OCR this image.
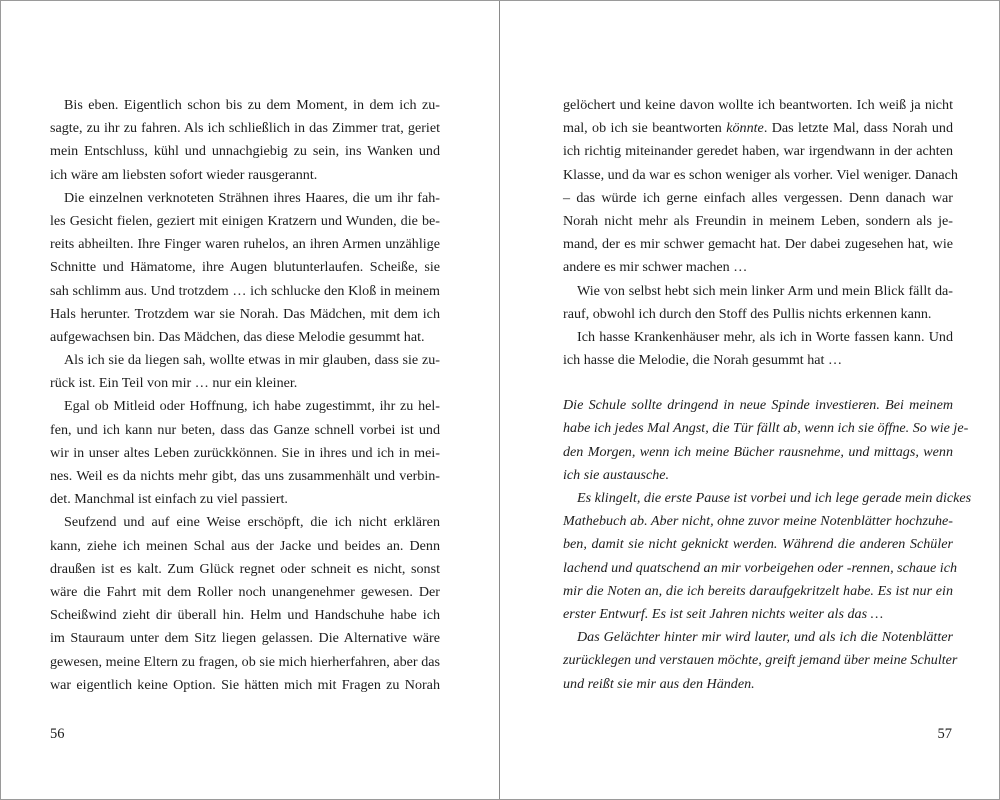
Bis eben. Eigentlich schon bis zu dem Moment, in dem ich zu-
sagte, zu ihr zu fahren. Als ich schließlich in das Zimmer trat, geriet
mein Entschluss, kühl und unnachgiebig zu sein, ins Wanken und
ich wäre am liebsten sofort wieder rausgerannt.
Die einzelnen verknoteten Strähnen ihres Haares, die um ihr fah-
les Gesicht fielen, geziert mit einigen Kratzern und Wunden, die be-
reits abheilten. Ihre Finger waren ruhelos, an ihren Armen unzählige
Schnitte und Hämatome, ihre Augen blutunterlaufen. Scheiße, sie
sah schlimm aus. Und trotzdem … ich schlucke den Kloß in meinem
Hals herunter. Trotzdem war sie Norah. Das Mädchen, mit dem ich
aufgewachsen bin. Das Mädchen, das diese Melodie gesummt hat.
Als ich sie da liegen sah, wollte etwas in mir glauben, dass sie zu-
rück ist. Ein Teil von mir … nur ein kleiner.
Egal ob Mitleid oder Hoffnung, ich habe zugestimmt, ihr zu hel-
fen, und ich kann nur beten, dass das Ganze schnell vorbei ist und
wir in unser altes Leben zurückkönnen. Sie in ihres und ich in mei-
nes. Weil es da nichts mehr gibt, das uns zusammenhält und verbin-
det. Manchmal ist einfach zu viel passiert.
Seufzend und auf eine Weise erschöpft, die ich nicht erklären
kann, ziehe ich meinen Schal aus der Jacke und beides an. Denn
draußen ist es kalt. Zum Glück regnet oder schneit es nicht, sonst
wäre die Fahrt mit dem Roller noch unangenehmer gewesen. Der
Scheißwind zieht dir überall hin. Helm und Handschuhe habe ich
im Stauraum unter dem Sitz liegen gelassen. Die Alternative wäre
gewesen, meine Eltern zu fragen, ob sie mich hierherfahren, aber das
war eigentlich keine Option. Sie hätten mich mit Fragen zu Norah
56
gelöchert und keine davon wollte ich beantworten. Ich weiß ja nicht
mal, ob ich sie beantworten könnte. Das letzte Mal, dass Norah und
ich richtig miteinander geredet haben, war irgendwann in der achten
Klasse, und da war es schon weniger als vorher. Viel weniger. Danach
– das würde ich gerne einfach alles vergessen. Denn danach war
Norah nicht mehr als Freundin in meinem Leben, sondern als je-
mand, der es mir schwer gemacht hat. Der dabei zugesehen hat, wie
andere es mir schwer machen …
Wie von selbst hebt sich mein linker Arm und mein Blick fällt da-
rauf, obwohl ich durch den Stoff des Pullis nichts erkennen kann.
Ich hasse Krankenhäuser mehr, als ich in Worte fassen kann. Und
ich hasse die Melodie, die Norah gesummt hat …
Die Schule sollte dringend in neue Spinde investieren. Bei meinem
habe ich jedes Mal Angst, die Tür fällt ab, wenn ich sie öffne. So wie je-
den Morgen, wenn ich meine Bücher rausnehme, und mittags, wenn
ich sie austausche.
Es klingelt, die erste Pause ist vorbei und ich lege gerade mein dickes
Mathebuch ab. Aber nicht, ohne zuvor meine Notenblätter hochzuhe-
ben, damit sie nicht geknickt werden. Während die anderen Schüler
lachend und quatschend an mir vorbeigehen oder -rennen, schaue ich
mir die Noten an, die ich bereits daraufgekritzelt habe. Es ist nur ein
erster Entwurf. Es ist seit Jahren nichts weiter als das …
Das Gelächter hinter mir wird lauter, und als ich die Notenblätter
zurücklegen und verstauen möchte, greift jemand über meine Schulter
und reißt sie mir aus den Händen.
57
